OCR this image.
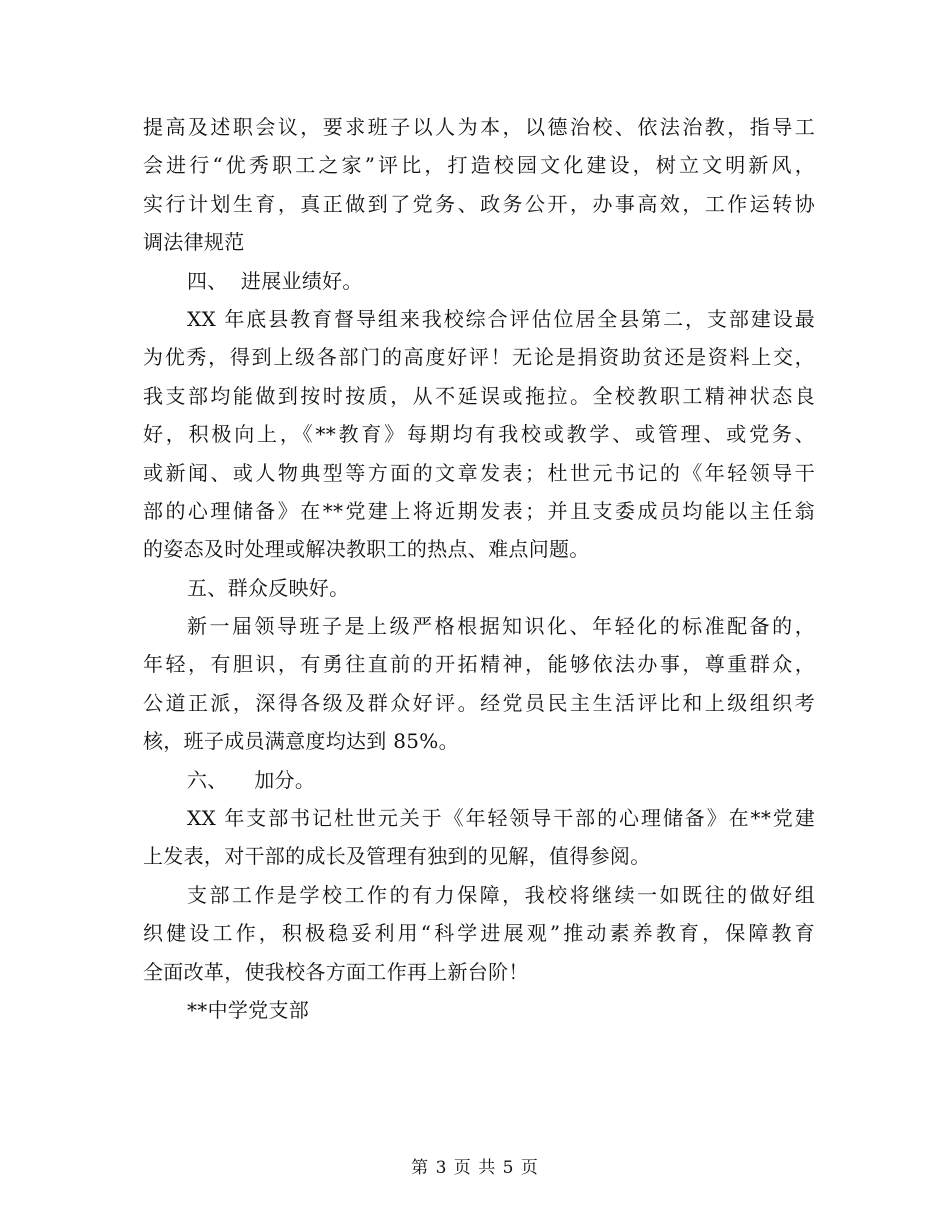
提高及述职会议，要求班子以人为本，以德治校、依法治教，指导工
会进行“优秀职工之家”评比，打造校园文化建设，树立文明新风，
实行计划生育，真正做到了党务、政务公开，办事高效，工作运转协
调法律规范
四、  进展业绩好。
XX 年底县教育督导组来我校综合评估位居全县第二，支部建设最
为优秀，得到上级各部门的高度好评！无论是捐资助贫还是资料上交，
我支部均能做到按时按质，从不延误或拖拉。全校教职工精神状态良
好，积极向上，《**教育》每期均有我校或教学、或管理、或党务、
或新闻、或人物典型等方面的文章发表；杜世元书记的《年轻领导干
部的心理储备》在**党建上将近期发表；并且支委成员均能以主任翁
的姿态及时处理或解决教职工的热点、难点问题。
五、群众反映好。
新一届领导班子是上级严格根据知识化、年轻化的标准配备的，
年轻，有胆识，有勇往直前的开拓精神，能够依法办事，尊重群众，
公道正派，深得各级及群众好评。经党员民主生活评比和上级组织考
核，班子成员满意度均达到 85%。
六、    加分。
XX 年支部书记杜世元关于《年轻领导干部的心理储备》在**党建
上发表，对干部的成长及管理有独到的见解，值得参阅。
支部工作是学校工作的有力保障，我校将继续一如既往的做好组
织健设工作，积极稳妥利用“科学进展观”推动素养教育，保障教育
全面改革，使我校各方面工作再上新台阶！
**中学党支部
第 3 页 共 5 页
